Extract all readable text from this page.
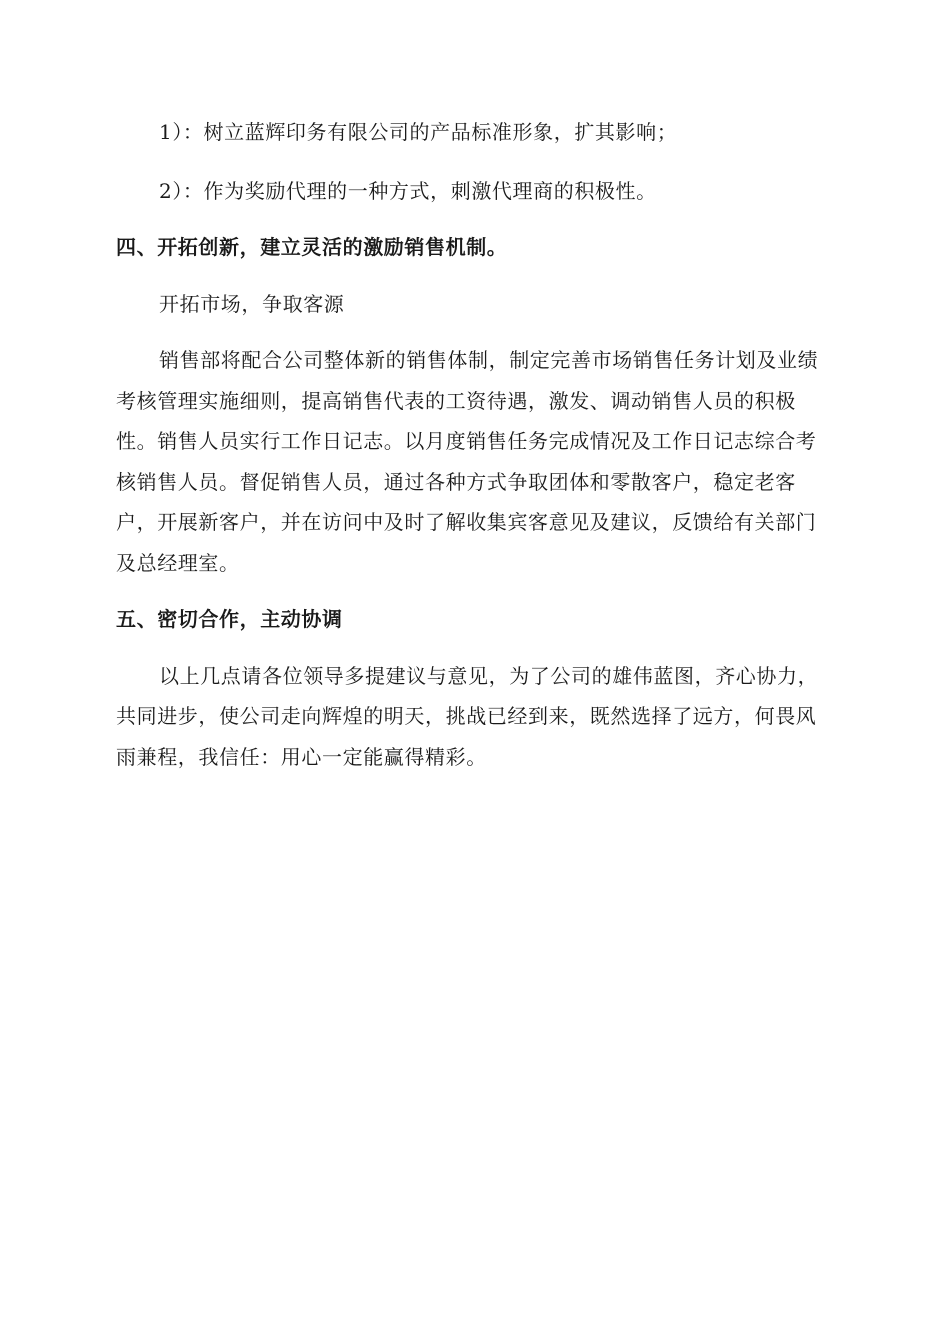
1）：树立蓝辉印务有限公司的产品标准形象，扩其影响；

2）：作为奖励代理的一种方式，刺激代理商的积极性。

四、开拓创新，建立灵活的激励销售机制。

开拓市场，争取客源

销售部将配合公司整体新的销售体制，制定完善市场销售任务计划及业绩考核管理实施细则，提高销售代表的工资待遇，激发、调动销售人员的积极性。销售人员实行工作日记志。以月度销售任务完成情况及工作日记志综合考核销售人员。督促销售人员，通过各种方式争取团体和零散客户，稳定老客户，开展新客户，并在访问中及时了解收集宾客意见及建议，反馈给有关部门及总经理室。

五、密切合作，主动协调

以上几点请各位领导多提建议与意见，为了公司的雄伟蓝图，齐心协力，共同进步，使公司走向辉煌的明天，挑战已经到来，既然选择了远方，何畏风雨兼程，我信任：用心一定能赢得精彩。
